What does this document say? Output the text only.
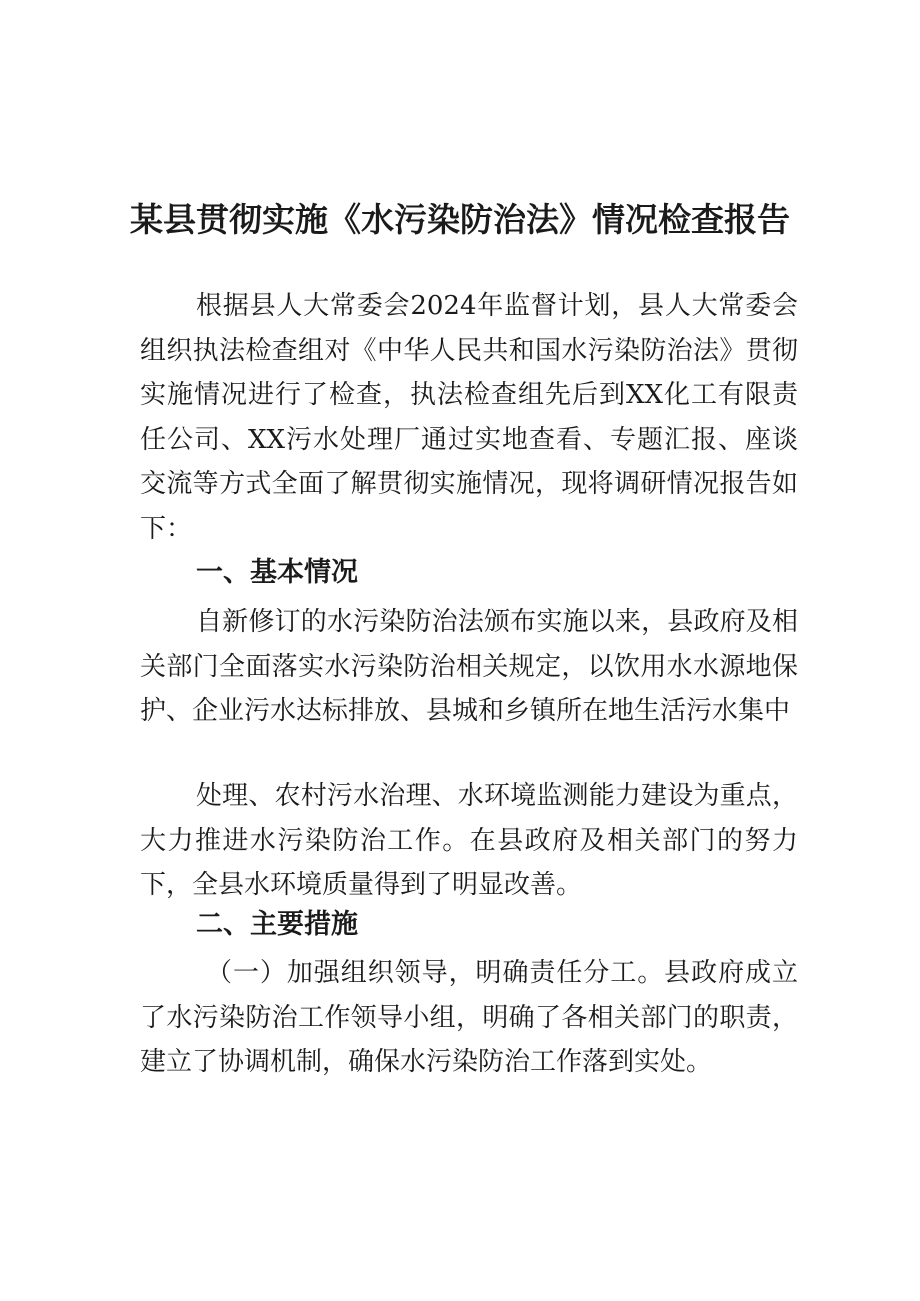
某县贯彻实施《水污染防治法》情况检查报告

根据县人大常委会2024年监督计划，县人大常委会组织执法检查组对《中华人民共和国水污染防治法》贯彻实施情况进行了检查，执法检查组先后到XX化工有限责任公司、XX污水处理厂通过实地查看、专题汇报、座谈交流等方式全面了解贯彻实施情况，现将调研情况报告如下：

一、基本情况

自新修订的水污染防治法颁布实施以来，县政府及相关部门全面落实水污染防治相关规定，以饮用水水源地保护、企业污水达标排放、县城和乡镇所在地生活污水集中

处理、农村污水治理、水环境监测能力建设为重点，大力推进水污染防治工作。在县政府及相关部门的努力下，全县水环境质量得到了明显改善。

二、主要措施

（一）加强组织领导，明确责任分工。县政府成立了水污染防治工作领导小组，明确了各相关部门的职责，建立了协调机制，确保水污染防治工作落到实处。
